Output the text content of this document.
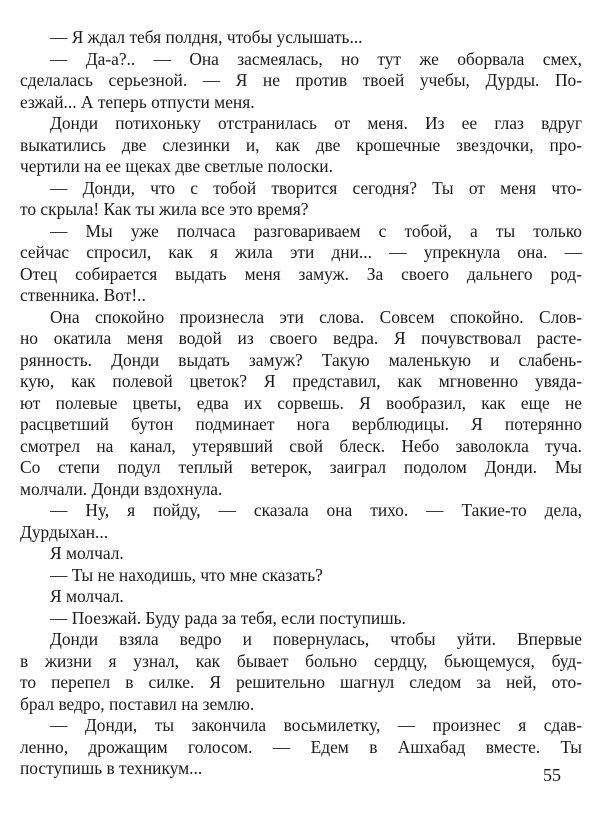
— Я ждал тебя полдня, чтобы услышать...
— Да-а?.. — Она засмеялась, но тут же оборвала смех,
сделалась серьезной. — Я не против твоей учебы, Дурды. По-
езжай... А теперь отпусти меня.
Донди потихоньку отстранилась от меня. Из ее глаз вдруг
выкатились две слезинки и, как две крошечные звездочки, про-
чертили на ее щеках две светлые полоски.
— Донди, что с тобой творится сегодня? Ты от меня что-
то скрыла! Как ты жила все это время?
— Мы уже полчаса разговариваем с тобой, а ты только
сейчас спросил, как я жила эти дни... — упрекнула она. —
Отец собирается выдать меня замуж. За своего дальнего род-
ственника. Вот!..
Она спокойно произнесла эти слова. Совсем спокойно. Слов-
но окатила меня водой из своего ведра. Я почувствовал расте-
рянность. Донди выдать замуж? Такую маленькую и слабень-
кую, как полевой цветок? Я представил, как мгновенно увяда-
ют полевые цветы, едва их сорвешь. Я вообразил, как еще не
расцветший бутон подминает нога верблюдицы. Я потерянно
смотрел на канал, утерявший свой блеск. Небо заволокла туча.
Со степи подул теплый ветерок, заиграл подолом Донди. Мы
молчали. Донди вздохнула.
— Ну, я пойду, — сказала она тихо. — Такие-то дела,
Дурдыхан...
Я молчал.
— Ты не находишь, что мне сказать?
Я молчал.
— Поезжай. Буду рада за тебя, если поступишь.
Донди взяла ведро и повернулась, чтобы уйти. Впервые
в жизни я узнал, как бывает больно сердцу, бьющемуся, буд-
то перепел в силке. Я решительно шагнул следом за ней, ото-
брал ведро, поставил на землю.
— Донди, ты закончила восьмилетку, — произнес я сдав-
ленно, дрожащим голосом. — Едем в Ашхабад вместе. Ты
поступишь в техникум...	55
